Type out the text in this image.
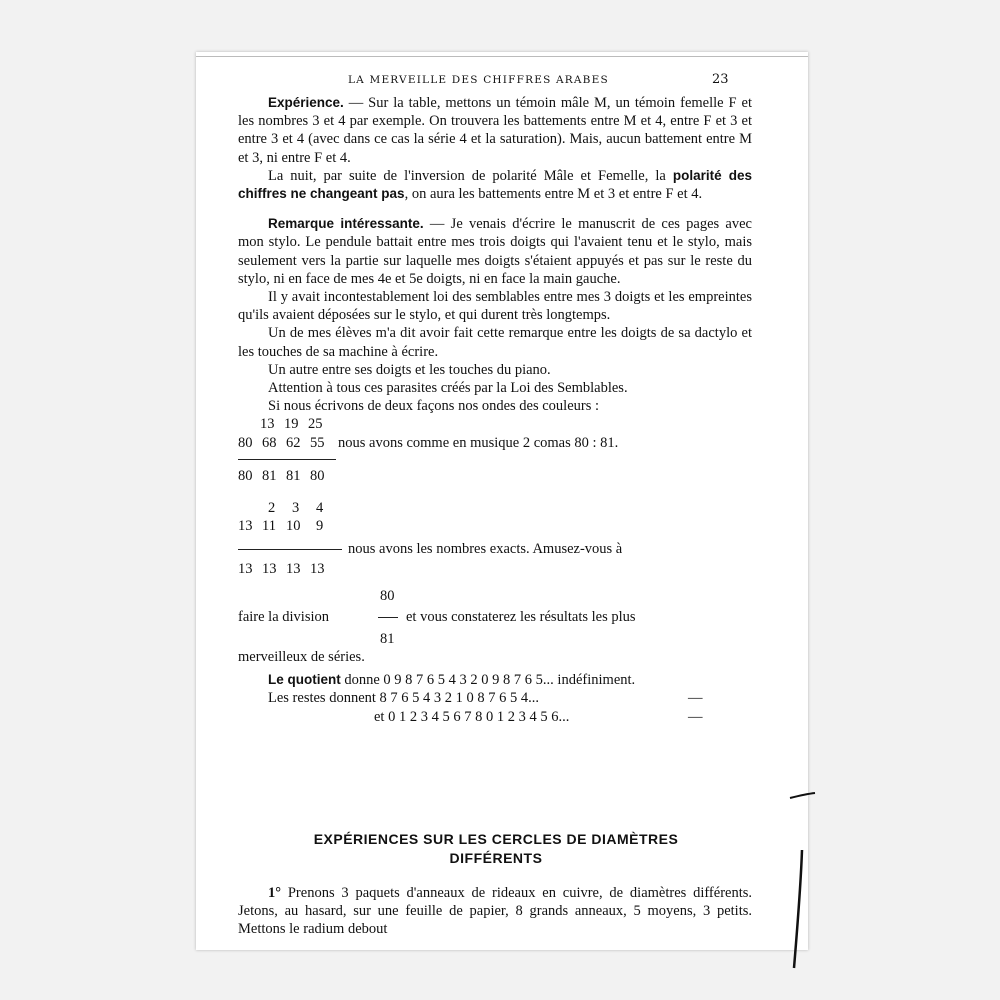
LA MERVEILLE DES CHIFFRES ARABES	23

Expérience. — Sur la table, mettons un témoin mâle M, un témoin femelle F et les nombres 3 et 4 par exemple. On trouvera les battements entre M et 4, entre F et 3 et entre 3 et 4 (avec dans ce cas la série 4 et la saturation). Mais, aucun battement entre M et 3, ni entre F et 4.

La nuit, par suite de l'inversion de polarité Mâle et Femelle, la polarité des chiffres ne changeant pas, on aura les battements entre M et 3 et entre F et 4.

Remarque intéressante. — Je venais d'écrire le manuscrit de ces pages avec mon stylo. Le pendule battait entre mes trois doigts qui l'avaient tenu et le stylo, mais seulement vers la partie sur laquelle mes doigts s'étaient appuyés et pas sur le reste du stylo, ni en face de mes 4e et 5e doigts, ni en face la main gauche.

Il y avait incontestablement loi des semblables entre mes 3 doigts et les empreintes qu'ils avaient déposées sur le stylo, et qui durent très longtemps.

Un de mes élèves m'a dit avoir fait cette remarque entre les doigts de sa dactylo et les touches de sa machine à écrire.

Un autre entre ses doigts et les touches du piano.

Attention à tous ces parasites créés par la Loi des Semblables.

Si nous écrivons de deux façons nos ondes des couleurs :

13 19 25
80 68 62 55 nous avons comme en musique 2 comas 80 : 81.
80 81 81 80
2 3 4
13 11 10 9
nous avons les nombres exacts. Amusez-vous à
13 13 13 13
80
faire la division	et vous constaterez les résultats les plus
81

merveilleux de séries.

Le quotient donne 0 9 8 7 6 5 4 3 2 0 9 8 7 6 5... indéfiniment.
Les restes donnent 8 7 6 5 4 3 2 1 0 8 7 6 5 4...	—
et 0 1 2 3 4 5 6 7 8 0 1 2 3 4 5 6...	—
EXPÉRIENCES SUR LES CERCLES DE DIAMÈTRES
DIFFÉRENTS

1° Prenons 3 paquets d'anneaux de rideaux en cuivre, de diamètres différents. Jetons, au hasard, sur une feuille de papier, 8 grands anneaux, 5 moyens, 3 petits. Mettons le radium debout
